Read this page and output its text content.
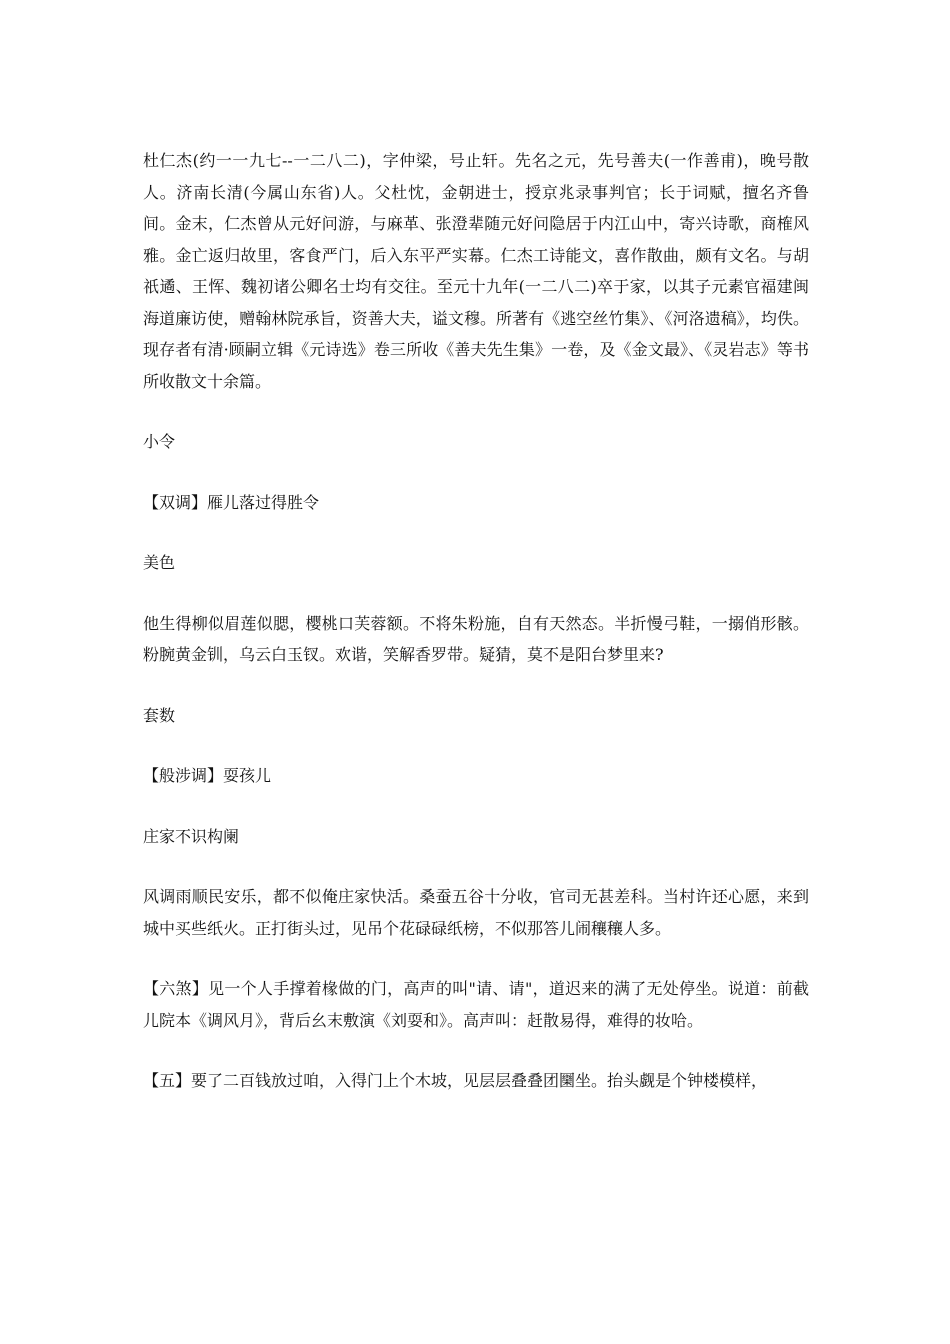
杜仁杰(约一一九七--一二八二)，字仲梁，号止轩。先名之元，先号善夫(一作善甫)，晚号散人。济南长清(今属山东省)人。父杜忱，金朝进士，授京兆录事判官；长于词赋，擅名齐鲁间。金末，仁杰曾从元好问游，与麻革、张澄辈随元好问隐居于内江山中，寄兴诗歌，商榷风雅。金亡返归故里，客食严门，后入东平严实幕。仁杰工诗能文，喜作散曲，颇有文名。与胡祇遹、王恽、魏初诸公卿名士均有交往。至元十九年(一二八二)卒于家，以其子元素官福建闽海道廉访使，赠翰林院承旨，资善大夫，谥文穆。所著有《逃空丝竹集》、《河洛遗稿》，均佚。现存者有清·顾嗣立辑《元诗选》卷三所收《善夫先生集》一卷，及《金文最》、《灵岩志》等书所收散文十余篇。

小令

【双调】雁儿落过得胜令

美色

他生得柳似眉莲似腮，樱桃口芙蓉额。不将朱粉施，自有天然态。半折慢弓鞋，一搦俏形骸。粉腕黄金钏，乌云白玉钗。欢谐，笑解香罗带。疑猜，莫不是阳台梦里来?

套数

【般涉调】耍孩儿

庄家不识构阑

风调雨顺民安乐，都不似俺庄家快活。桑蚕五谷十分收，官司无甚差科。当村许还心愿，来到城中买些纸火。正打街头过，见吊个花碌碌纸榜，不似那答儿闹穰穰人多。

【六煞】见一个人手撑着椽做的门，高声的叫"请、请"，道迟来的满了无处停坐。说道：前截儿院本《调风月》，背后幺末敷演《刘耍和》。高声叫：赶散易得，难得的妆哈。

【五】要了二百钱放过咱，入得门上个木坡，见层层叠叠团圞坐。抬头觑是个钟楼模样，
